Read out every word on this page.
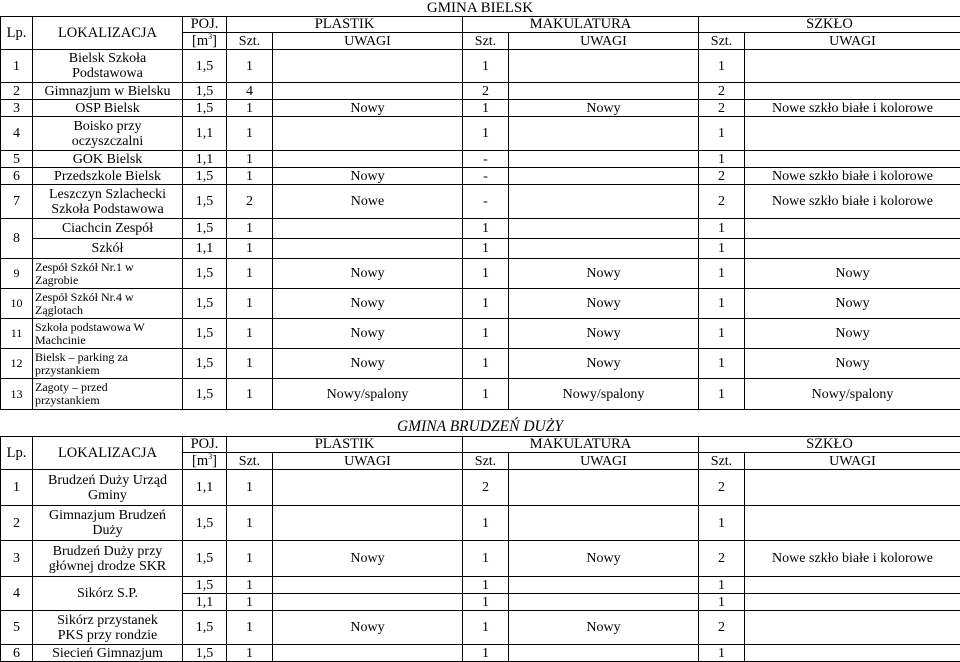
GMINA BIELSK
Lp.	LOKALIZACJA	POJ.	PLASTIK		MAKULATURA		SZKŁO	
		$[m^3]$	Szt.	UWAGI	Szt.	UWAGI	Szt.	UWAGI
1	Bielsk Szkoła
Podstawowa	1,5	1		1		1	
2	Gimnazjum w Bielsku	1,5	4		2		2	
3	OSP Bielsk	1,5	1	Nowy	1	Nowy	2	Nowe szkło białe i kolorowe
4	Boisko przy
oczyszczalni	1,1	1		1		1	
5	GOK Bielsk	1,1	1		-		1	
6	Przedszkole Bielsk	1,5	1	Nowy	-		2	Nowe szkło białe i kolorowe
7	Leszczyn Szlachecki
Szkoła Podstawowa	1,5	2	Nowe	-		2	Nowe szkło białe i kolorowe
8	Ciachcin Zespół	1,5	1		1		1	
	Szkół	1,1	1		1		1	
9	Zespół Szkół Nr.1 w
Zagrobie	1,5	1	Nowy	1	Nowy	1	Nowy
10	Zespół Szkół Nr.4 w
Ząglotach	1,5	1	Nowy	1	Nowy	1	Nowy
11	Szkoła podstawowa W
Machcinie	1,5	1	Nowy	1	Nowy	1	Nowy
12	Bielsk – parking za
przystankiem	1,5	1	Nowy	1	Nowy	1	Nowy
13	Zagoty – przed
przystankiem	1,5	1	Nowy/spalony	1	Nowy/spalony	1	Nowy/spalony
GMINA BRUDZEŃ DUŻY
Lp.	LOKALIZACJA	POJ.	PLASTIK		MAKULATURA		SZKŁO	
		$[m^3]$	Szt.	UWAGI	Szt.	UWAGI	Szt.	UWAGI
1	Brudzeń Duży Urząd
Gminy	1,1	1		2		2	
2	Gimnazjum Brudzeń
Duży	1,5	1		1		1	
3	Brudzeń Duży przy
głównej drodze SKR	1,5	1	Nowy	1	Nowy	2	Nowe szkło białe i kolorowe
4	Sikórz S.P.	1,5	1		1		1	
		1,1	1		1		1	
5	Sikórz przystanek
PKS przy rondzie	1,5	1	Nowy	1	Nowy	2	
6	Siecień Gimnazjum	1,5	1		1		1	
